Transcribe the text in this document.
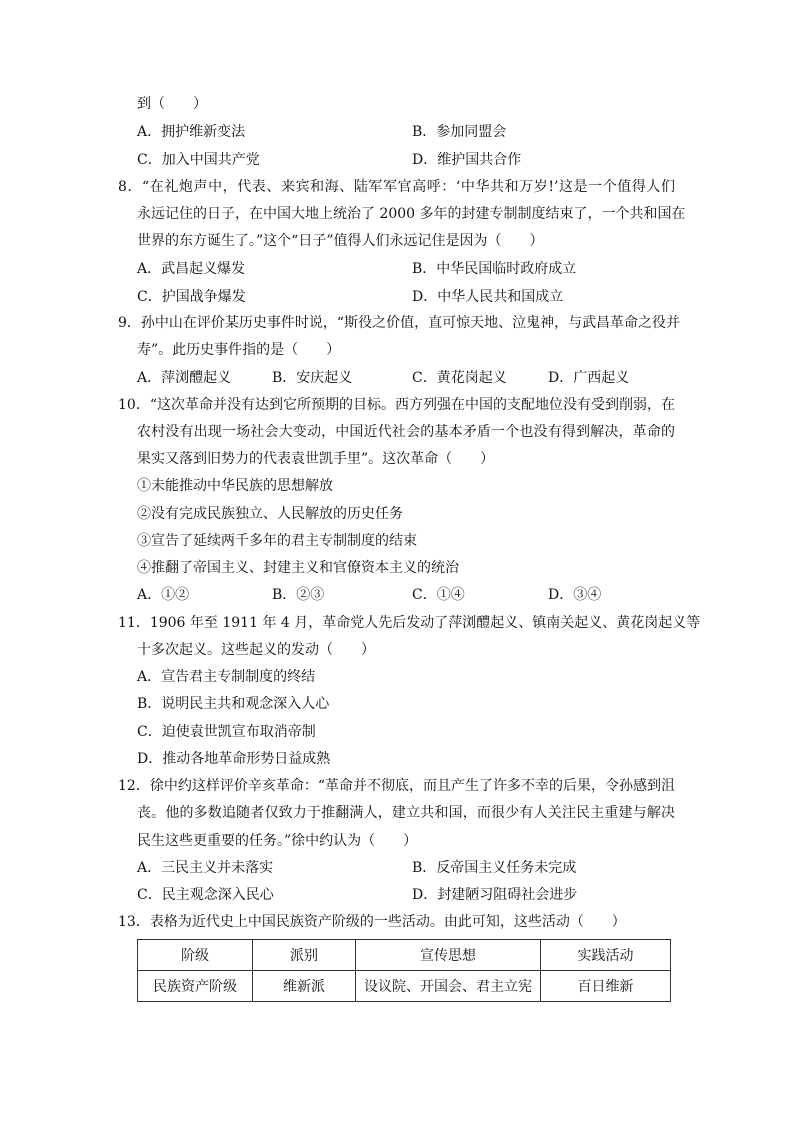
到（　　）
A．拥护维新变法	B．参加同盟会
C．加入中国共产党	D．维护国共合作
8．“在礼炮声中，代表、来宾和海、陆军军官高呼：‘中华共和万岁!’这是一个值得人们
永远记住的日子，在中国大地上统治了 2000 多年的封建专制制度结束了，一个共和国在
世界的东方诞生了。”这个“日子”值得人们永远记住是因为（　　）
A．武昌起义爆发	B．中华民国临时政府成立
C．护国战争爆发	D．中华人民共和国成立
9．孙中山在评价某历史事件时说，“斯役之价值，直可惊天地、泣鬼神，与武昌革命之役并
寿”。此历史事件指的是（　　）
A．萍浏醴起义	B．安庆起义	C．黄花岗起义	D．广西起义
10．“这次革命并没有达到它所预期的目标。西方列强在中国的支配地位没有受到削弱，在
农村没有出现一场社会大变动，中国近代社会的基本矛盾一个也没有得到解决，革命的
果实又落到旧势力的代表袁世凯手里”。这次革命（　　）
①未能推动中华民族的思想解放
②没有完成民族独立、人民解放的历史任务
③宣告了延续两千多年的君主专制制度的结束
④推翻了帝国主义、封建主义和官僚资本主义的统治
A．①②	B．②③	C．①④	D．③④
11．1906 年至 1911 年 4 月，革命党人先后发动了萍浏醴起义、镇南关起义、黄花岗起义等
十多次起义。这些起义的发动（　　）
A．宣告君主专制制度的终结
B．说明民主共和观念深入人心
C．迫使袁世凯宣布取消帝制
D．推动各地革命形势日益成熟
12．徐中约这样评价辛亥革命：“革命并不彻底，而且产生了许多不幸的后果，令孙感到沮
丧。他的多数追随者仅致力于推翻满人，建立共和国，而很少有人关注民主重建与解决
民生这些更重要的任务。”徐中约认为（　　）
A．三民主义并未落实	B．反帝国主义任务未完成
C．民主观念深入民心	D．封建陋习阻碍社会进步
13．表格为近代史上中国民族资产阶级的一些活动。由此可知，这些活动（　　）
阶级	派别	宣传思想	实践活动
民族资产阶级	维新派	设议院、开国会、君主立宪	百日维新
